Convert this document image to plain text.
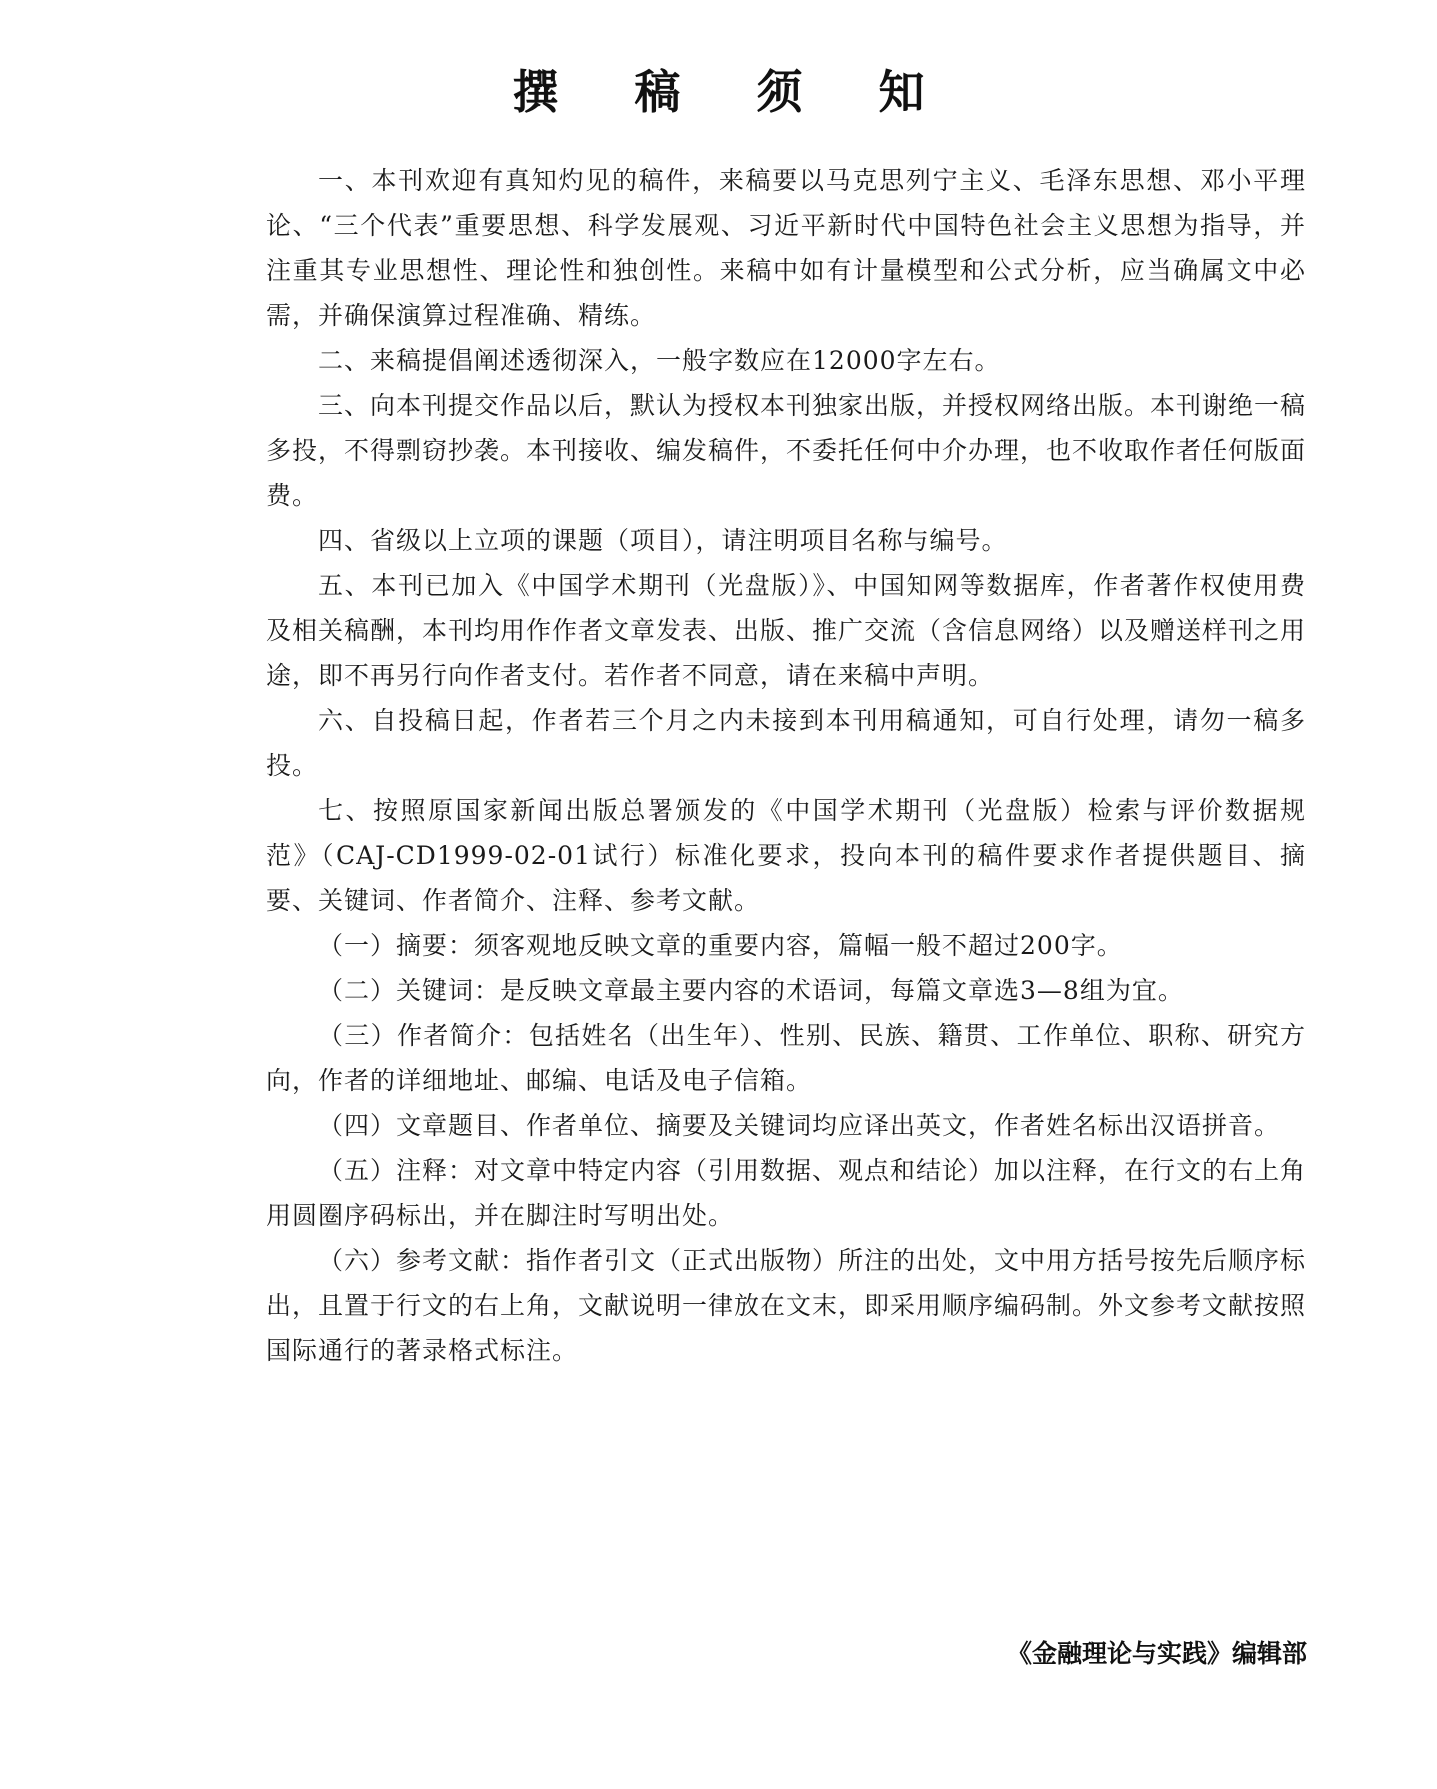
撰 稿 须 知

一、本刊欢迎有真知灼见的稿件，来稿要以马克思列宁主义、毛泽东思想、邓小平理论、“三个代表”重要思想、科学发展观、习近平新时代中国特色社会主义思想为指导，并注重其专业思想性、理论性和独创性。来稿中如有计量模型和公式分析，应当确属文中必需，并确保演算过程准确、精练。

二、来稿提倡阐述透彻深入，一般字数应在12000字左右。

三、向本刊提交作品以后，默认为授权本刊独家出版，并授权网络出版。本刊谢绝一稿多投，不得剽窃抄袭。本刊接收、编发稿件，不委托任何中介办理，也不收取作者任何版面费。

四、省级以上立项的课题（项目），请注明项目名称与编号。

五、本刊已加入《中国学术期刊（光盘版）》、中国知网等数据库，作者著作权使用费及相关稿酬，本刊均用作作者文章发表、出版、推广交流（含信息网络）以及赠送样刊之用途，即不再另行向作者支付。若作者不同意，请在来稿中声明。

六、自投稿日起，作者若三个月之内未接到本刊用稿通知，可自行处理，请勿一稿多投。

七、按照原国家新闻出版总署颁发的《中国学术期刊（光盘版）检索与评价数据规范》（CAJ-CD1999-02-01试行）标准化要求，投向本刊的稿件要求作者提供题目、摘要、关键词、作者简介、注释、参考文献。

（一）摘要：须客观地反映文章的重要内容，篇幅一般不超过200字。

（二）关键词：是反映文章最主要内容的术语词，每篇文章选3—8组为宜。

（三）作者简介：包括姓名（出生年）、性别、民族、籍贯、工作单位、职称、研究方向，作者的详细地址、邮编、电话及电子信箱。

（四）文章题目、作者单位、摘要及关键词均应译出英文，作者姓名标出汉语拼音。

（五）注释：对文章中特定内容（引用数据、观点和结论）加以注释，在行文的右上角用圆圈序码标出，并在脚注时写明出处。

（六）参考文献：指作者引文（正式出版物）所注的出处，文中用方括号按先后顺序标出，且置于行文的右上角，文献说明一律放在文末，即采用顺序编码制。外文参考文献按照国际通行的著录格式标注。

《金融理论与实践》编辑部
